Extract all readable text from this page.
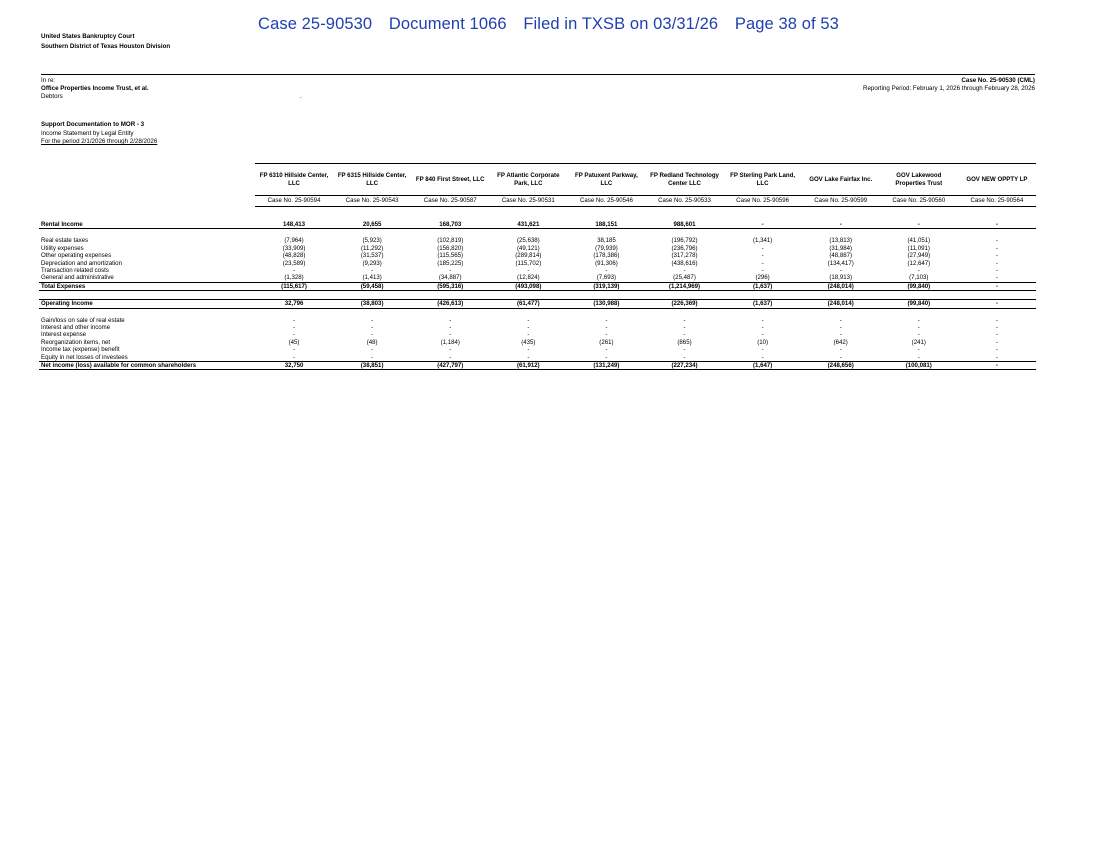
Case 25-90530 Document 1066 Filed in TXSB on 03/31/26 Page 38 of 53
United States Bankruptcy Court
Southern District of Texas Houston Division
In re:
Office Properties Income Trust, et al.
Debtors	.
Case No. 25-90530 (CML)
Reporting Period: February 1, 2026 through February 28, 2026
Support Documentation to MOR - 3
Income Statement by Legal Entity
For the period 2/1/2026 through 2/28/2026
	FP 6310 Hillside Center, LLC	FP 6315 Hillside Center, LLC	FP 840 First Street, LLC	FP Atlantic Corporate Park, LLC	FP Patuxent Parkway, LLC	FP Redland Technology Center LLC	FP Sterling Park Land, LLC	GOV Lake Fairfax Inc.	GOV Lakewood Properties Trust	GOV NEW OPPTY LP
	Case No. 25-90594	Case No. 25-90543	Case No. 25-90587	Case No. 25-90531	Case No. 25-90546	Case No. 25-90533	Case No. 25-90596	Case No. 25-90599	Case No. 25-90560	Case No. 25-90564

Rental Income	148,413	20,655	168,703	431,621	188,151	988,601	-	-	-	-

Real estate taxes	(7,964)	(5,923)	(102,819)	(25,638)	38,185	(196,792)	(1,341)	(13,813)	(41,051)	-
Utility expenses	(33,909)	(11,292)	(156,820)	(49,121)	(79,939)	(236,796)	-	(31,984)	(11,091)	-
Other operating expenses	(48,828)	(31,537)	(115,565)	(289,814)	(178,386)	(317,278)	-	(48,887)	(27,949)	-
Depreciation and amortization	(23,589)	(9,293)	(185,225)	(115,702)	(91,306)	(438,616)	-	(134,417)	(12,647)	-
Transaction related costs	-	-	-	-	-	-	-	-	-	-
General and administrative	(1,328)	(1,413)	(34,887)	(12,824)	(7,693)	(25,487)	(296)	(18,913)	(7,103)	-
Total Expenses	(115,617)	(59,458)	(595,316)	(493,098)	(319,139)	(1,214,969)	(1,637)	(248,014)	(99,840)	-

Operating Income	32,796	(38,803)	(426,613)	(61,477)	(130,988)	(226,369)	(1,637)	(248,014)	(99,840)	-

Gain/loss on sale of real estate	-	-	-	-	-	-	-	-	-	-
Interest and other income	-	-	-	-	-	-	-	-	-	-
Interest expense	-	-	-	-	-	-	-	-	-	-
Reorganization items, net	(45)	(48)	(1,184)	(435)	(261)	(865)	(10)	(642)	(241)	-
Income tax (expense) benefit	-	-	-	-	-	-	-	-	-	-
Equity in net losses of investees	-	-	-	-	-	-	-	-	-	-
Net income (loss) available for common shareholders	32,750	(38,851)	(427,797)	(61,912)	(131,249)	(227,234)	(1,647)	(248,656)	(100,081)	-
